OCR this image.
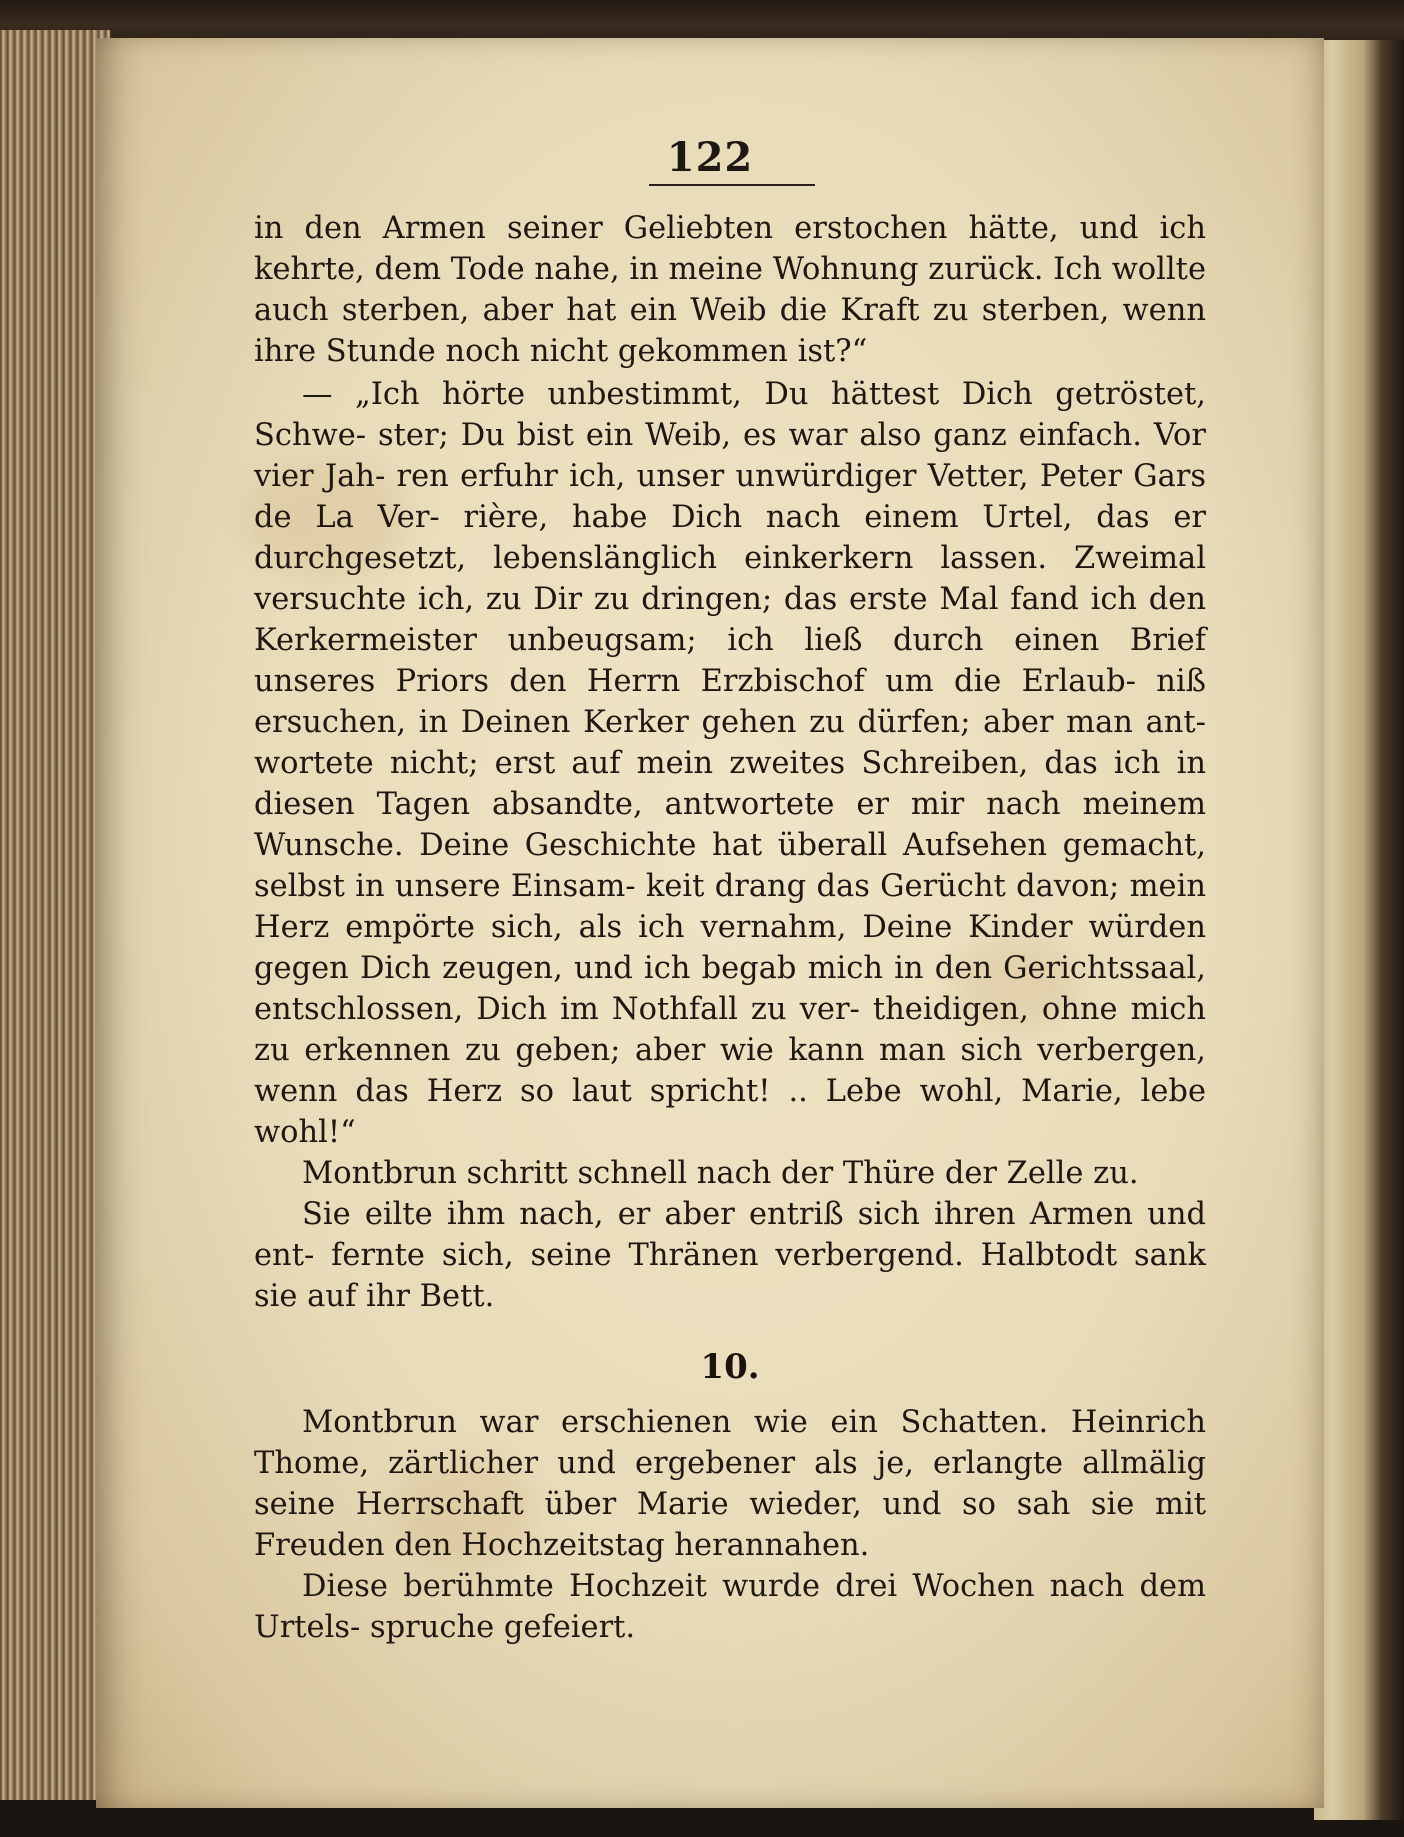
122

in den Armen seiner Geliebten erstochen hätte, und ich kehrte, dem Tode nahe, in meine Wohnung zurück. Ich wollte auch sterben, aber hat ein Weib die Kraft zu sterben, wenn ihre Stunde noch nicht gekommen ist?“

— „Ich hörte unbestimmt, Du hättest Dich getröstet, Schwe- ster; Du bist ein Weib, es war also ganz einfach. Vor vier Jah- ren erfuhr ich, unser unwürdiger Vetter, Peter Gars de La Ver- rière, habe Dich nach einem Urtel, das er durchgesetzt, lebenslänglich einkerkern lassen. Zweimal versuchte ich, zu Dir zu dringen; das erste Mal fand ich den Kerkermeister unbeugsam; ich ließ durch einen Brief unseres Priors den Herrn Erzbischof um die Erlaub- niß ersuchen, in Deinen Kerker gehen zu dürfen; aber man ant- wortete nicht; erst auf mein zweites Schreiben, das ich in diesen Tagen absandte, antwortete er mir nach meinem Wunsche. Deine Geschichte hat überall Aufsehen gemacht, selbst in unsere Einsam- keit drang das Gerücht davon; mein Herz empörte sich, als ich vernahm, Deine Kinder würden gegen Dich zeugen, und ich begab mich in den Gerichtssaal, entschlossen, Dich im Nothfall zu ver- theidigen, ohne mich zu erkennen zu geben; aber wie kann man sich verbergen, wenn das Herz so laut spricht! .. Lebe wohl, Marie, lebe wohl!“

Montbrun schritt schnell nach der Thüre der Zelle zu.

Sie eilte ihm nach, er aber entriß sich ihren Armen und ent- fernte sich, seine Thränen verbergend. Halbtodt sank sie auf ihr Bett.

10.

Montbrun war erschienen wie ein Schatten. Heinrich Thome, zärtlicher und ergebener als je, erlangte allmälig seine Herrschaft über Marie wieder, und so sah sie mit Freuden den Hochzeitstag herannahen.

Diese berühmte Hochzeit wurde drei Wochen nach dem Urtels- spruche gefeiert.
